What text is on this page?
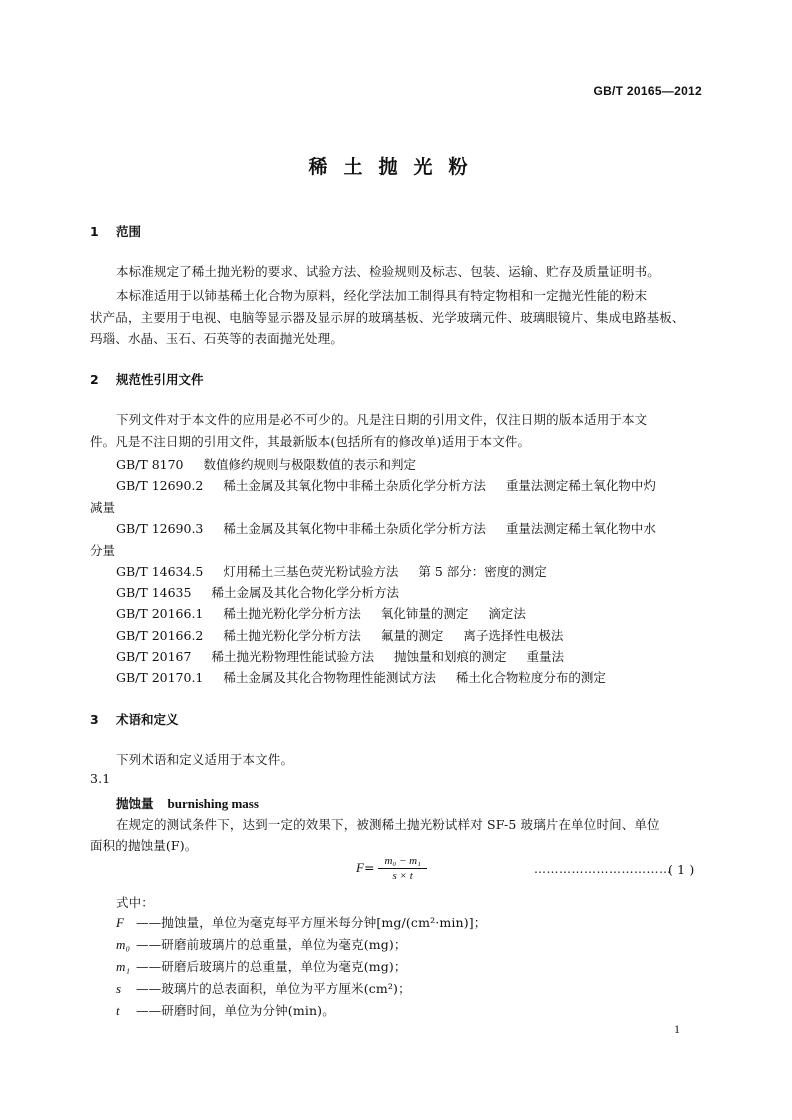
GB/T 20165—2012
稀土抛光粉
1 范围
本标准规定了稀土抛光粉的要求、试验方法、检验规则及标志、包装、运输、贮存及质量证明书。
本标准适用于以铈基稀土化合物为原料，经化学法加工制得具有特定物相和一定抛光性能的粉末
状产品，主要用于电视、电脑等显示器及显示屏的玻璃基板、光学玻璃元件、玻璃眼镜片、集成电路基板、
玛瑙、水晶、玉石、石英等的表面抛光处理。
2 规范性引用文件
下列文件对于本文件的应用是必不可少的。凡是注日期的引用文件，仅注日期的版本适用于本文
件。凡是不注日期的引用文件，其最新版本(包括所有的修改单)适用于本文件。
GB/T 8170 数值修约规则与极限数值的表示和判定
GB/T 12690.2 稀土金属及其氧化物中非稀土杂质化学分析方法 重量法测定稀土氧化物中灼
减量
GB/T 12690.3 稀土金属及其氧化物中非稀土杂质化学分析方法 重量法测定稀土氧化物中水
分量
GB/T 14634.5 灯用稀土三基色荧光粉试验方法 第 5 部分：密度的测定
GB/T 14635 稀土金属及其化合物化学分析方法
GB/T 20166.1 稀土抛光粉化学分析方法 氧化铈量的测定 滴定法
GB/T 20166.2 稀土抛光粉化学分析方法 氟量的测定 离子选择性电极法
GB/T 20167 稀土抛光粉物理性能试验方法 抛蚀量和划痕的测定 重量法
GB/T 20170.1 稀土金属及其化合物物理性能测试方法 稀土化合物粒度分布的测定
3 术语和定义
下列术语和定义适用于本文件。
3.1
抛蚀量 burnishing mass
在规定的测试条件下，达到一定的效果下，被测稀土抛光粉试样对 SF-5 玻璃片在单位时间、单位
面积的抛蚀量(F)。
$F= \frac{\text{m₀ − m₁}}{s \times t}$	……………………………
( 1 )
式中：
F ——抛蚀量，单位为毫克每平方厘米每分钟[mg/(cm²·min)]；
m₀ ——研磨前玻璃片的总重量，单位为毫克(mg)；
m₁ ——研磨后玻璃片的总重量，单位为毫克(mg)；
s ——玻璃片的总表面积，单位为平方厘米(cm²)；
t ——研磨时间，单位为分钟(min)。
1
